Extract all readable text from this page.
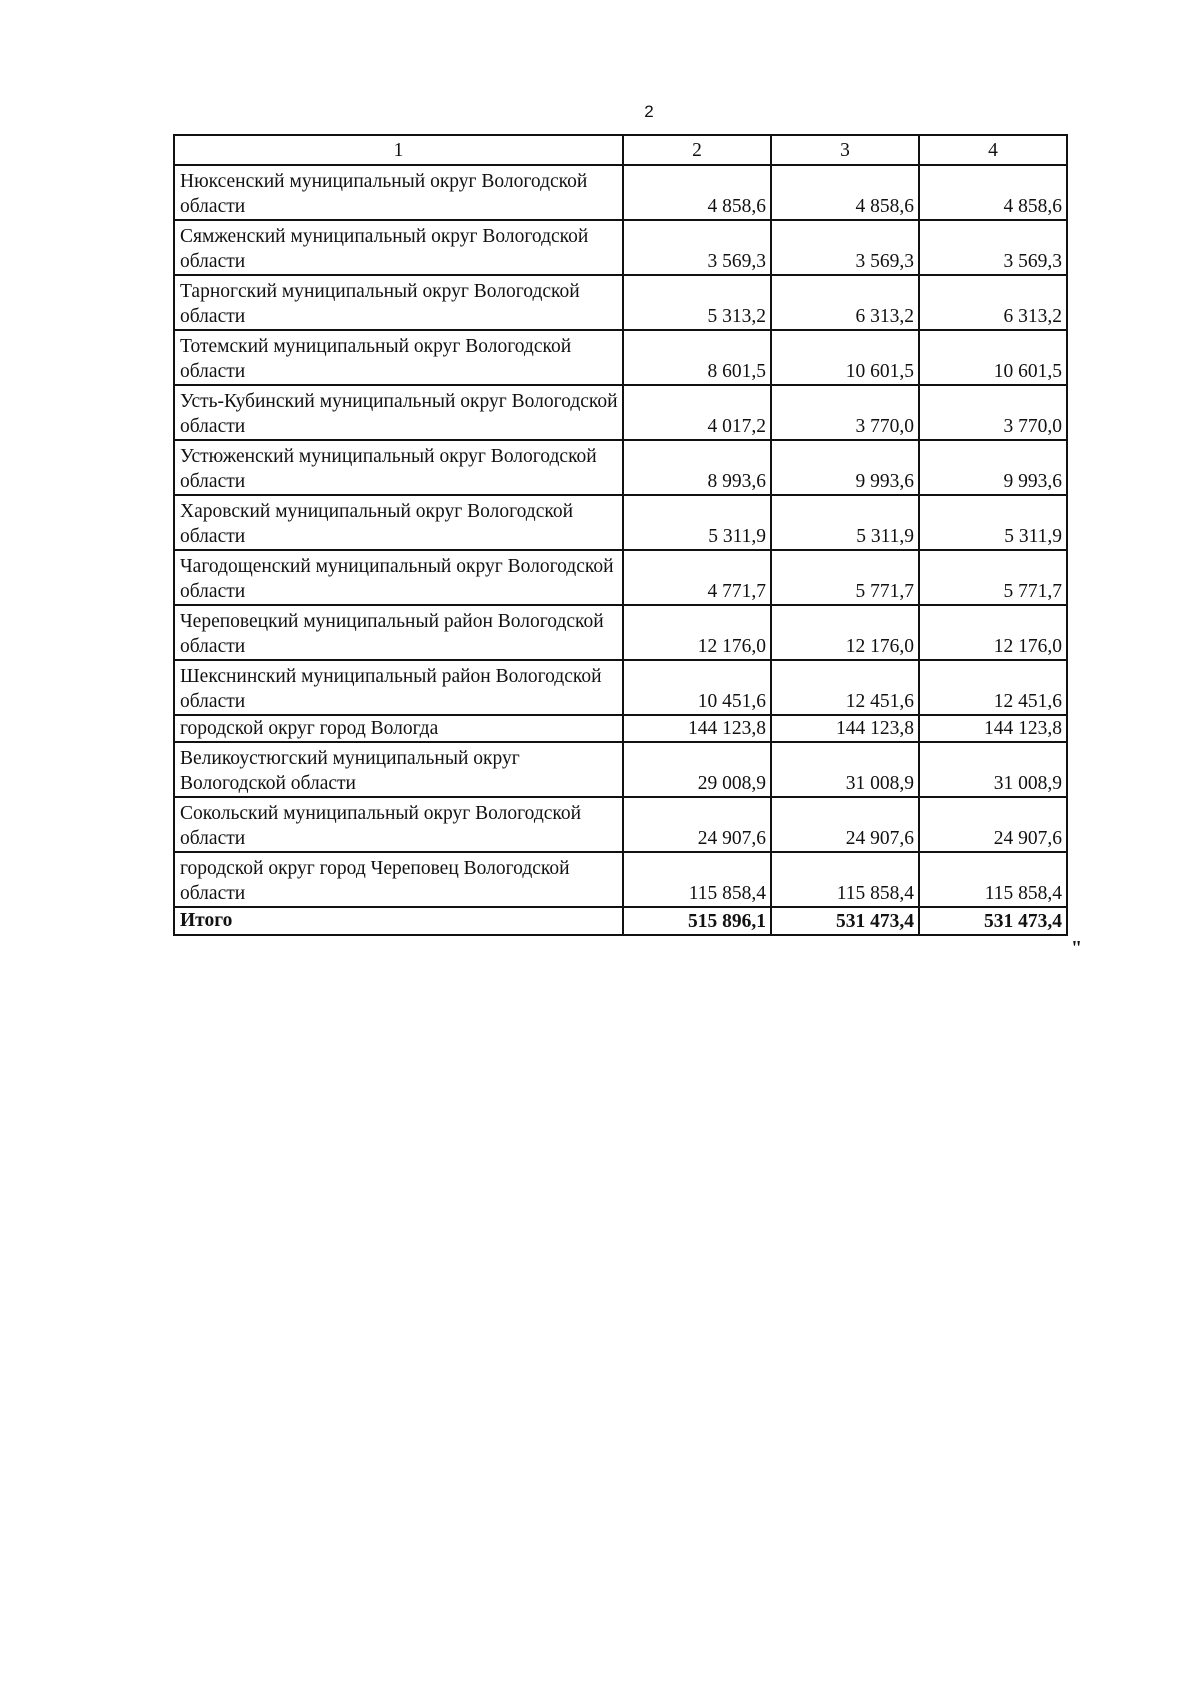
2
1	2	3	4
Нюксенский муниципальный округ Вологодской области	4 858,6	4 858,6	4 858,6
Сямженский муниципальный округ Вологодской области	3 569,3	3 569,3	3 569,3
Тарногский муниципальный округ Вологодской области	5 313,2	6 313,2	6 313,2
Тотемский муниципальный округ Вологодской области	8 601,5	10 601,5	10 601,5
Усть-Кубинский муниципальный округ Вологодской области	4 017,2	3 770,0	3 770,0
Устюженский муниципальный округ Вологодской области	8 993,6	9 993,6	9 993,6
Харовский муниципальный округ Вологодской области	5 311,9	5 311,9	5 311,9
Чагодощенский муниципальный округ Вологодской области	4 771,7	5 771,7	5 771,7
Череповецкий муниципальный район Вологодской области	12 176,0	12 176,0	12 176,0
Шекснинский муниципальный район Вологодской области	10 451,6	12 451,6	12 451,6
городской округ город Вологда	144 123,8	144 123,8	144 123,8
Великоустюгский муниципальный округ Вологодской области	29 008,9	31 008,9	31 008,9
Сокольский муниципальный округ Вологодской области	24 907,6	24 907,6	24 907,6
городской округ город Череповец Вологодской области	115 858,4	115 858,4	115 858,4
Итого	515 896,1	531 473,4	531 473,4
"
